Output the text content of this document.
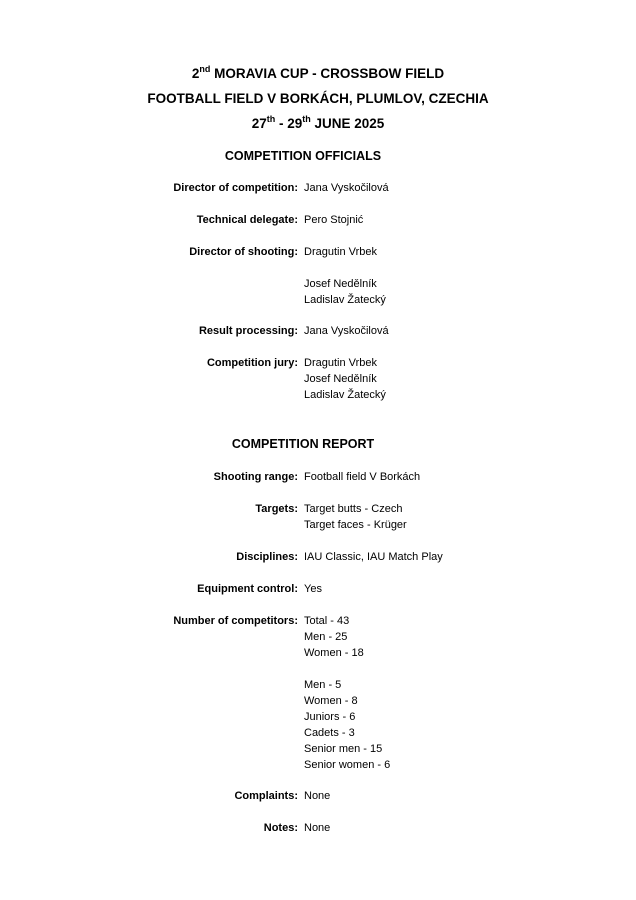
2nd MORAVIA CUP - CROSSBOW FIELD
FOOTBALL FIELD V BORKÁCH, PLUMLOV, CZECHIA
27th - 29th JUNE 2025
COMPETITION OFFICIALS
Director of competition: Jana Vyskočilová
Technical delegate: Pero Stojnić
Director of shooting: Dragutin Vrbek
Josef Nedělník
Ladislav Žatecký
Result processing: Jana Vyskočilová
Competition jury: Dragutin Vrbek
Josef Nedělník
Ladislav Žatecký
COMPETITION REPORT
Shooting range: Football field V Borkách
Targets: Target butts - Czech
Target faces - Krüger
Disciplines: IAU Classic, IAU Match Play
Equipment control: Yes
Number of competitors: Total - 43
Men - 25
Women - 18
Men - 5
Women - 8
Juniors - 6
Cadets - 3
Senior men - 15
Senior women - 6
Complaints: None
Notes: None
